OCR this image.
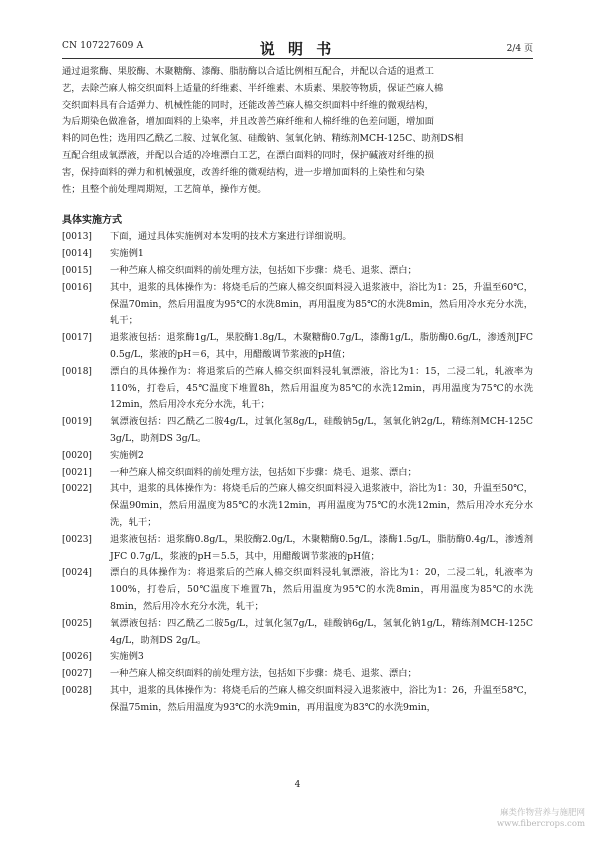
CN 107227609 A	说 明 书	2/4 页
通过退浆酶、果胶酶、木聚糖酶、漆酶、脂肪酶以合适比例相互配合，并配以合适的退煮工
艺，去除苎麻人棉交织面料上适量的纤维素、半纤维素、木质素、果胶等物质，保证苎麻人棉
交织面料具有合适弹力、机械性能的同时，还能改善苎麻人棉交织面料中纤维的微观结构，
为后期染色做准备，增加面料的上染率，并且改善苎麻纤维和人棉纤维的色差问题，增加面
料的同色性；选用四乙酰乙二胺、过氧化氢、硅酸钠、氢氧化钠、精练剂MCH-125C、助剂DS相
互配合组成氧漂液，并配以合适的冷堆漂白工艺，在漂白面料的同时，保护碱液对纤维的损
害，保持面料的弹力和机械强度，改善纤维的微观结构，进一步增加面料的上染性和匀染
性；且整个前处理周期短，工艺简单，操作方便。
具体实施方式
[0013]	下面，通过具体实施例对本发明的技术方案进行详细说明。
[0014]	实施例1
[0015]	一种苎麻人棉交织面料的前处理方法，包括如下步骤：烧毛、退浆、漂白；
[0016]	其中，退浆的具体操作为：将烧毛后的苎麻人棉交织面料浸入退浆液中，浴比为1：25，升温至60℃，保温70min，然后用温度为95℃的水洗8min，再用温度为85℃的水洗8min，然后用冷水充分水洗，轧干；
[0017]	退浆液包括：退浆酶1g/L，果胶酶1.8g/L，木聚糖酶0.7g/L，漆酶1g/L，脂肪酶0.6g/L，渗透剂JFC 0.5g/L，浆液的pH＝6，其中，用醋酸调节浆液的pH值；
[0018]	漂白的具体操作为：将退浆后的苎麻人棉交织面料浸轧氧漂液，浴比为1：15，二浸二轧，轧液率为110%，打卷后，45℃温度下堆置8h，然后用温度为85℃的水洗12min，再用温度为75℃的水洗12min，然后用冷水充分水洗，轧干；
[0019]	氧漂液包括：四乙酰乙二胺4g/L，过氧化氢8g/L，硅酸钠5g/L，氢氧化钠2g/L，精练剂MCH-125C 3g/L，助剂DS 3g/L。
[0020]	实施例2
[0021]	一种苎麻人棉交织面料的前处理方法，包括如下步骤：烧毛、退浆、漂白；
[0022]	其中，退浆的具体操作为：将烧毛后的苎麻人棉交织面料浸入退浆液中，浴比为1：30，升温至50℃，保温90min，然后用温度为85℃的水洗12min，再用温度为75℃的水洗12min，然后用冷水充分水洗，轧干；
[0023]	退浆液包括：退浆酶0.8g/L，果胶酶2.0g/L，木聚糖酶0.5g/L，漆酶1.5g/L，脂肪酶0.4g/L，渗透剂JFC 0.7g/L，浆液的pH＝5.5，其中，用醋酸调节浆液的pH值；
[0024]	漂白的具体操作为：将退浆后的苎麻人棉交织面料浸轧氧漂液，浴比为1：20，二浸二轧，轧液率为100%，打卷后，50℃温度下堆置7h，然后用温度为95℃的水洗8min，再用温度为85℃的水洗8min，然后用冷水充分水洗，轧干；
[0025]	氧漂液包括：四乙酰乙二胺5g/L，过氧化氢7g/L，硅酸钠6g/L，氢氧化钠1g/L，精练剂MCH-125C 4g/L，助剂DS 2g/L。
[0026]	实施例3
[0027]	一种苎麻人棉交织面料的前处理方法，包括如下步骤：烧毛、退浆、漂白；
[0028]	其中，退浆的具体操作为：将烧毛后的苎麻人棉交织面料浸入退浆液中，浴比为1：26，升温至58℃，保温75min，然后用温度为93℃的水洗9min，再用温度为83℃的水洗9min，
4
麻类作物营养与施肥网
www.fibercrops.com
